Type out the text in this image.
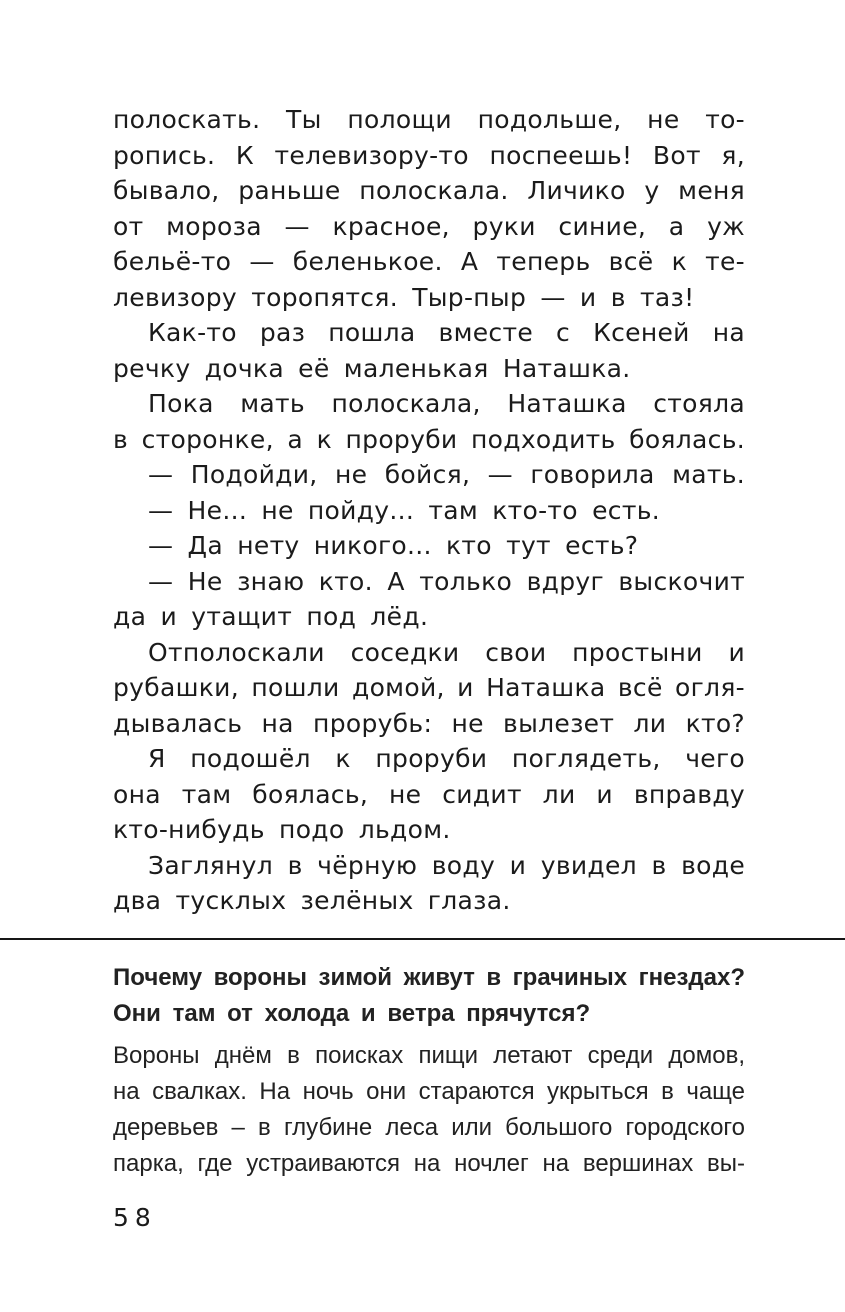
полоскать. Ты полощи подольше, не то-
ропись. К телевизору-то поспеешь! Вот я,
бывало, раньше полоскала. Личико у меня
от мороза — красное, руки синие, а уж
бельё-то — беленькое. А теперь всё к те-
левизору торопятся. Тыр-пыр — и в таз!
Как-то раз пошла вместе с Ксеней на
речку дочка её маленькая Наташка.
Пока мать полоскала, Наташка стояла
в сторонке, а к проруби подходить боялась.
— Подойди, не бойся, — говорила мать.
— Не... не пойду... там кто-то есть.
— Да нету никого... кто тут есть?
— Не знаю кто. А только вдруг выскочит
да и утащит под лёд.
Отполоскали соседки свои простыни и
рубашки, пошли домой, и Наташка всё огля-
дывалась на прорубь: не вылезет ли кто?
Я подошёл к проруби поглядеть, чего
она там боялась, не сидит ли и вправду
кто-нибудь подо льдом.
Заглянул в чёрную воду и увидел в воде
два тусклых зелёных глаза.
Почему вороны зимой живут в грачиных гнездах?
Они там от холода и ветра прячутся?
Вороны днём в поисках пищи летают среди домов,
на свалках. На ночь они стараются укрыться в чаще
деревьев – в глубине леса или большого городского
парка, где устраиваются на ночлег на вершинах вы-
58
